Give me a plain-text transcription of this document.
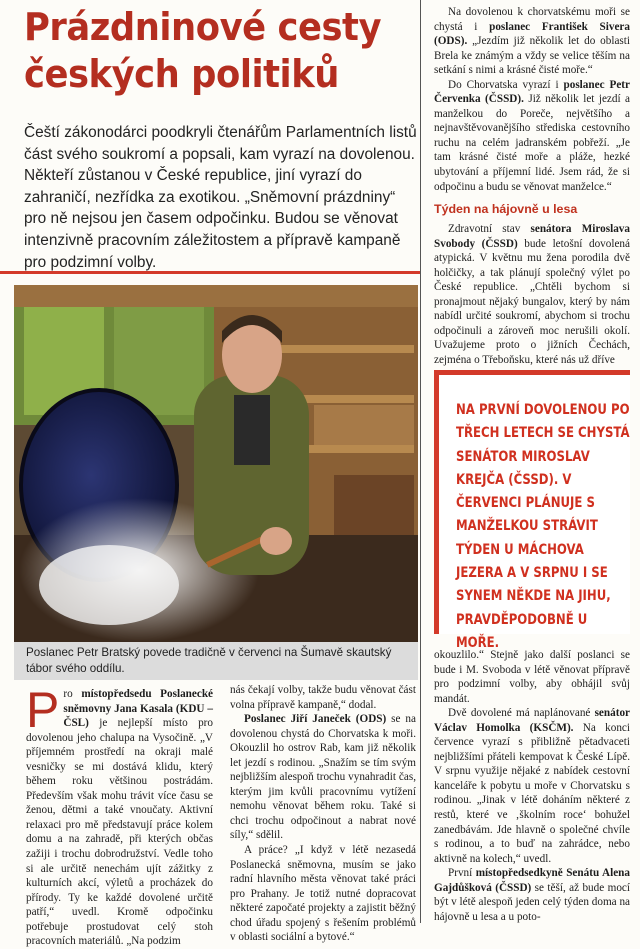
Prázdninové cesty
českých politiků

Čeští zákonodárci poodkryli čtenářům Parlamentních listů část svého soukromí a popsali, kam vyrazí na dovolenou. Někteří zůstanou v České republice, jiní vyrazí do zahraničí, nezřídka za exotikou. „Sněmovní prázdniny“ pro ně nejsou jen časem odpočinku. Budou se věnovat intenzivně pracovním záležitostem a přípravě kampaně pro podzimní volby.

Poslanec Petr Bratský povede tradičně v červenci na Šumavě skautský tábor svého oddílu.

Pro místopředsedu Poslanecké sněmovny Jana Kasala (KDU – ČSL) je nejlepší místo pro dovolenou jeho chalupa na Vysočině. „V příjemném prostředí na okraji malé vesničky se mi dostává klidu, který během roku většinou postrádám. Především však mohu trávit více času se ženou, dětmi a také vnoučaty. Aktivní relaxaci pro mě představují práce kolem domu a na zahradě, při kterých občas zažiji i trochu dobrodružství. Vedle toho si ale určitě nenechám ujít zážitky z kulturních akcí, výletů a procházek do přírody. Ty ke každé dovolené určitě patří,“ uvedl. Kromě odpočinku potřebuje prostudovat celý stoh pracovních materiálů. „Na podzim

nás čekají volby, takže budu věnovat část volna přípravě kampaně,“ dodal.

Poslanec Jiří Janeček (ODS) se na dovolenou chystá do Chorvatska k moři. Okouzlil ho ostrov Rab, kam již několik let jezdí s rodinou. „Snažím se tím svým nejbližším alespoň trochu vynahradit čas, kterým jim kvůli pracovnímu vytížení nemohu věnovat během roku. Také si chci trochu odpočinout a nabrat nové síly,“ sdělil.

A práce? „I když v létě nezasedá Poslanecká sněmovna, musím se jako radní hlavního města věnovat také práci pro Prahany. Je totiž nutné dopracovat některé započaté projekty a zajistit běžný chod úřadu spojený s řešením problémů v oblasti sociální a bytové.“

Na dovolenou k chorvatskému moři se chystá i poslanec František Sivera (ODS). „Jezdím již několik let do oblasti Brela ke známým a vždy se velice těším na setkání s nimi a krásné čisté moře.“

Do Chorvatska vyrazí i poslanec Petr Červenka (ČSSD). Již několik let jezdí a manželkou do Poreče, největšího a nejnavštěvovanějšího střediska cestovního ruchu na celém jadranském pobřeží. „Je tam krásné čisté moře a pláže, hezké ubytování a příjemní lidé. Jsem rád, že si odpočinu a budu se věnovat manželce.“

Týden na hájovně u lesa

Zdravotní stav senátora Miroslava Svobody (ČSSD) bude letošní dovolená atypická. V květnu mu žena porodila dvě holčičky, a tak plánují společný výlet po České republice. „Chtěli bychom si pronajmout nějaký bungalov, který by nám nabídl určité soukromí, abychom si trochu odpočinuli a zároveň moc nerušili okolí. Uvažujeme proto o jižních Čechách, zejména o Třeboňsku, které nás už dříve

NA PRVNÍ DOVOLENOU PO TŘECH LETECH SE CHYSTÁ SENÁTOR MIROSLAV KREJČA (ČSSD). V ČERVENCI PLÁNUJE S MANŽELKOU STRÁVIT TÝDEN U MÁCHOVA JEZERA A V SRPNU I SE SYNEM NĚKDE NA JIHU, PRAVDĚPODOBNĚ U MOŘE.

okouzlilo.“ Stejně jako další poslanci se bude i M. Svoboda v létě věnovat přípravě pro podzimní volby, aby obhájil svůj mandát.

Dvě dovolené má naplánované senátor Václav Homolka (KSČM). Na konci července vyrazí s přibližně pětadvaceti nejbližšími přáteli kempovat k České Lípě. V srpnu využije nějaké z nabídek cestovní kanceláře k pobytu u moře v Chorvatsku s rodinou. „Jinak v létě doháním některé z restů, které ve ‚školním roce‘ bohužel zanedbávám. Jde hlavně o společné chvíle s rodinou, a to buď na zahrádce, nebo aktivně na kolech,“ uvedl.

První místopředsedkyně Senátu Alena Gajdůšková (ČSSD) se těší, až bude mocí být v létě alespoň jeden celý týden doma na hájovně u lesa a u poto-
